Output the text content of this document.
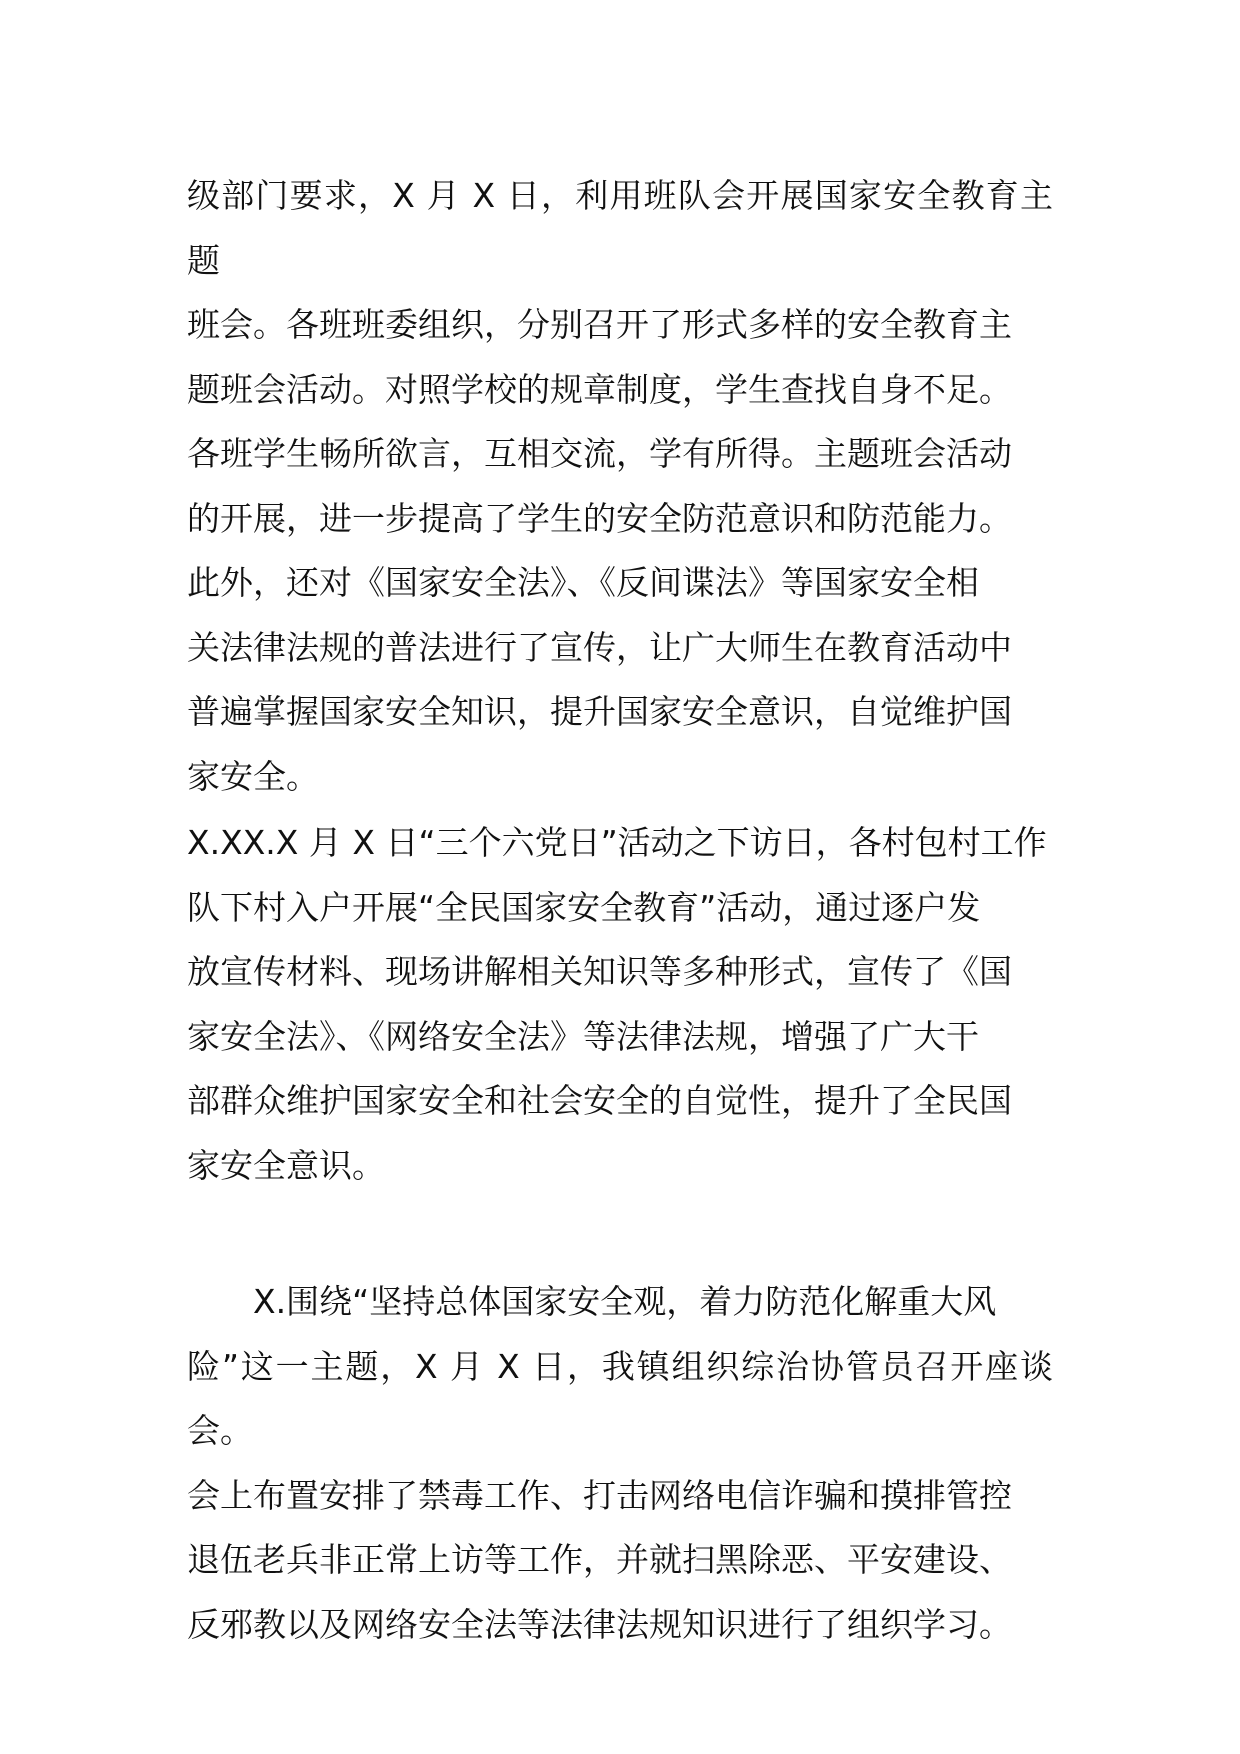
级部门要求，X 月 X 日，利用班队会开展国家安全教育主题
班会。各班班委组织，分别召开了形式多样的安全教育主
题班会活动。对照学校的规章制度，学生查找自身不足。
各班学生畅所欲言，互相交流，学有所得。主题班会活动
的开展，进一步提高了学生的安全防范意识和防范能力。
此外，还对《国家安全法》、《反间谍法》等国家安全相
关法律法规的普法进行了宣传，让广大师生在教育活动中
普遍掌握国家安全知识，提升国家安全意识，自觉维护国
家安全。
X.XX.X 月 X 日“三个六党日”活动之下访日，各村包村工作
队下村入户开展“全民国家安全教育”活动，通过逐户发
放宣传材料、现场讲解相关知识等多种形式，宣传了《国
家安全法》、《网络安全法》等法律法规，增强了广大干
部群众维护国家安全和社会安全的自觉性，提升了全民国
家安全意识。
X.围绕“坚持总体国家安全观，着力防范化解重大风
险”这一主题，X 月 X 日，我镇组织综治协管员召开座谈会。
会上布置安排了禁毒工作、打击网络电信诈骗和摸排管控
退伍老兵非正常上访等工作，并就扫黑除恶、平安建设、
反邪教以及网络安全法等法律法规知识进行了组织学习。
